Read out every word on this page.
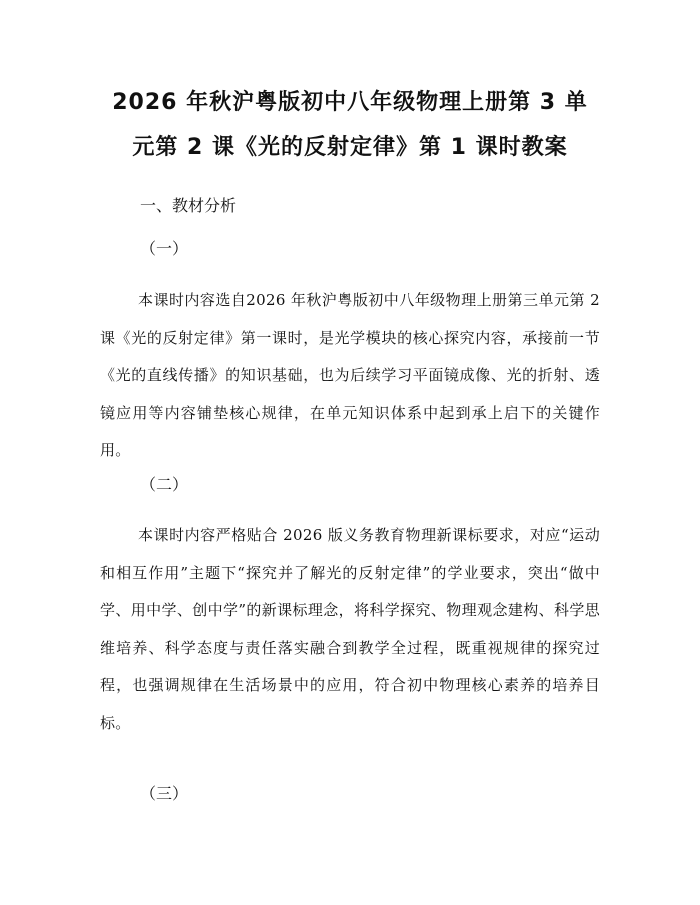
2026 年秋沪粤版初中八年级物理上册第 3 单
元第 2 课《光的反射定律》第 1 课时教案
一、教材分析
（一）
本课时内容选自2026 年秋沪粤版初中八年级物理上册第三单元第 2 课《光的反射定律》第一课时，是光学模块的核心探究内容，承接前一节《光的直线传播》的知识基础，也为后续学习平面镜成像、光的折射、透镜应用等内容铺垫核心规律，在单元知识体系中起到承上启下的关键作用。
（二）
本课时内容严格贴合 2026 版义务教育物理新课标要求，对应“运动和相互作用”主题下“探究并了解光的反射定律”的学业要求，突出“做中学、用中学、创中学”的新课标理念，将科学探究、物理观念建构、科学思维培养、科学态度与责任落实融合到教学全过程，既重视规律的探究过程，也强调规律在生活场景中的应用，符合初中物理核心素养的培养目标。
（三）
